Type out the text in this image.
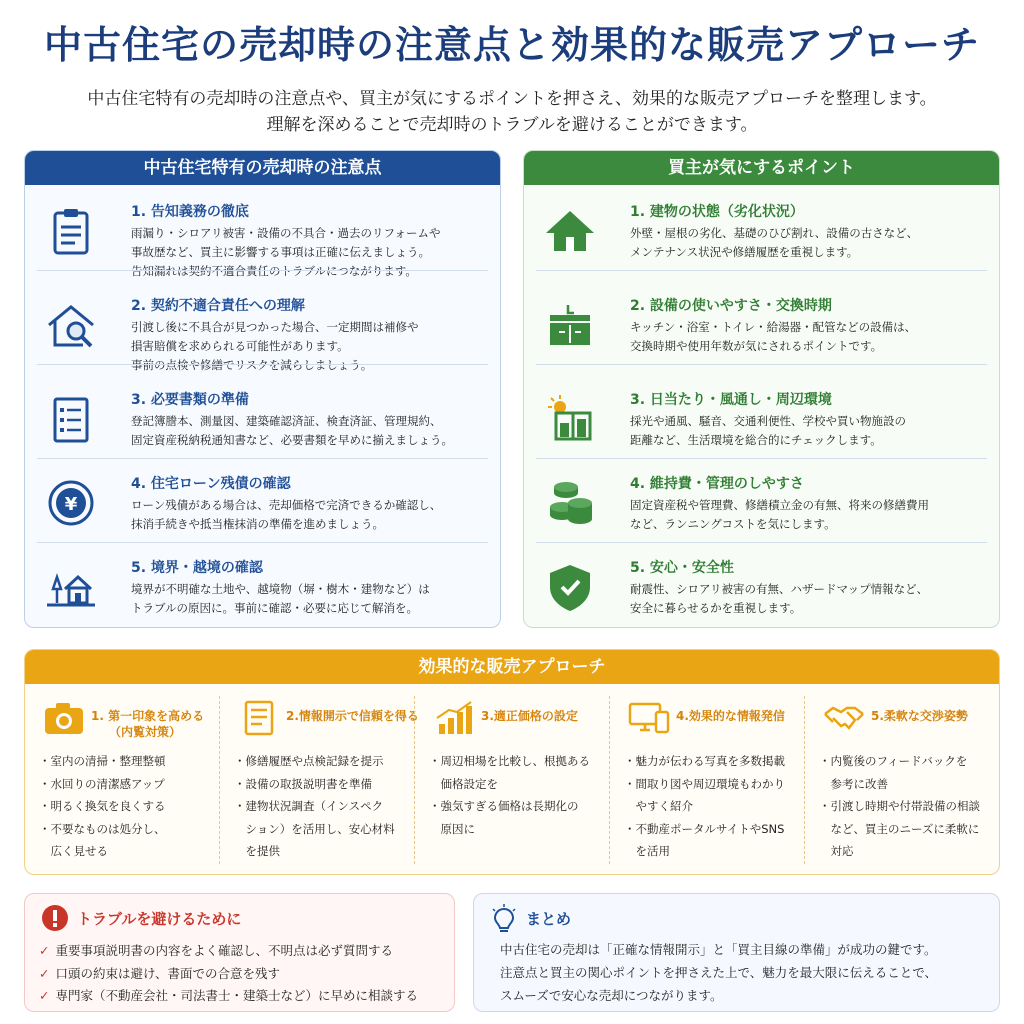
中古住宅の売却時の注意点と効果的な販売アプローチ
中古住宅特有の売却時の注意点や、買主が気にするポイントを押さえ、効果的な販売アプローチを整理します。
理解を深めることで売却時のトラブルを避けることができます。
中古住宅特有の売却時の注意点
1. 告知義務の徹底
雨漏り・シロアリ被害・設備の不具合・過去のリフォームや
事故歴など、買主に影響する事項は正確に伝えましょう。
告知漏れは契約不適合責任のトラブルにつながります。
2. 契約不適合責任への理解
引渡し後に不具合が見つかった場合、一定期間は補修や
損害賠償を求められる可能性があります。
事前の点検や修繕でリスクを減らしましょう。
3. 必要書類の準備
登記簿謄本、測量図、建築確認済証、検査済証、管理規約、
固定資産税納税通知書など、必要書類を早めに揃えましょう。
¥
4. 住宅ローン残債の確認
ローン残債がある場合は、売却価格で完済できるか確認し、
抹消手続きや抵当権抹消の準備を進めましょう。
5. 境界・越境の確認
境界が不明確な土地や、越境物（塀・樹木・建物など）は
トラブルの原因に。事前に確認・必要に応じて解消を。
買主が気にするポイント
1. 建物の状態（劣化状況）
外壁・屋根の劣化、基礎のひび割れ、設備の古さなど、
メンテナンス状況や修繕履歴を重視します。
2. 設備の使いやすさ・交換時期
キッチン・浴室・トイレ・給湯器・配管などの設備は、
交換時期や使用年数が気にされるポイントです。
3. 日当たり・風通し・周辺環境
採光や通風、騒音、交通利便性、学校や買い物施設の
距離など、生活環境を総合的にチェックします。
4. 維持費・管理のしやすさ
固定資産税や管理費、修繕積立金の有無、将来の修繕費用
など、ランニングコストを気にします。
5. 安心・安全性
耐震性、シロアリ被害の有無、ハザードマップ情報など、
安全に暮らせるかを重視します。
効果的な販売アプローチ
1. 第一印象を高める
（内覧対策）
・室内の清掃・整理整頓
・水回りの清潔感アップ
・明るく換気を良くする
・不要なものは処分し、
　広く見せる
2.情報開示で信頼を得る
・修繕履歴や点検記録を提示
・設備の取扱説明書を準備
・建物状況調査（インスペク
　ション）を活用し、安心材料
　を提供
3.適正価格の設定
・周辺相場を比較し、根拠ある
　価格設定を
・強気すぎる価格は長期化の
　原因に
4.効果的な情報発信
・魅力が伝わる写真を多数掲載
・間取り図や周辺環境もわかり
　やすく紹介
・不動産ポータルサイトやSNS
　を活用
5.柔軟な交渉姿勢
・内覧後のフィードバックを
　参考に改善
・引渡し時期や付帯設備の相談
　など、買主のニーズに柔軟に
　対応
トラブルを避けるために
✓ 重要事項説明書の内容をよく確認し、不明点は必ず質問する
✓ 口頭の約束は避け、書面での合意を残す
✓ 専門家（不動産会社・司法書士・建築士など）に早めに相談する
まとめ
中古住宅の売却は「正確な情報開示」と「買主目線の準備」が成功の鍵です。
注意点と買主の関心ポイントを押さえた上で、魅力を最大限に伝えることで、
スムーズで安心な売却につながります。
